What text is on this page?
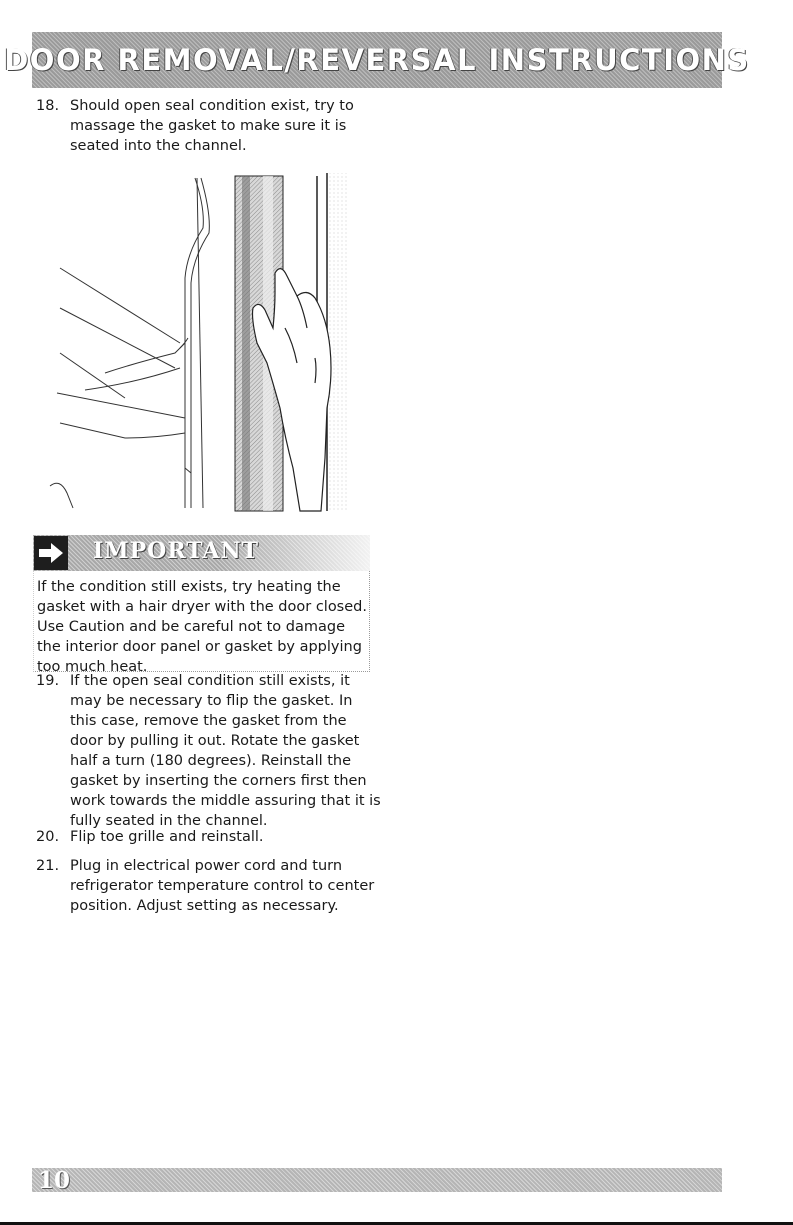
DOOR REMOVAL/REVERSAL INSTRUCTIONS
18. Should open seal condition exist, try to massage the gasket to make sure it is seated into the channel.
IMPORTANT
If the condition still exists, try heating the gasket with a hair dryer with the door closed. Use Caution and be careful not to damage the interior door panel or gasket by applying too much heat.
19. If the open seal condition still exists, it may be necessary to flip the gasket. In this case, remove the gasket from the door by pulling it out. Rotate the gasket half a turn (180 degrees). Reinstall the gasket by inserting the corners first then work towards the middle assuring that it is fully seated in the channel.
20. Flip toe grille and reinstall.
21. Plug in electrical power cord and turn refrigerator temperature control to center position. Adjust setting as necessary.
10
